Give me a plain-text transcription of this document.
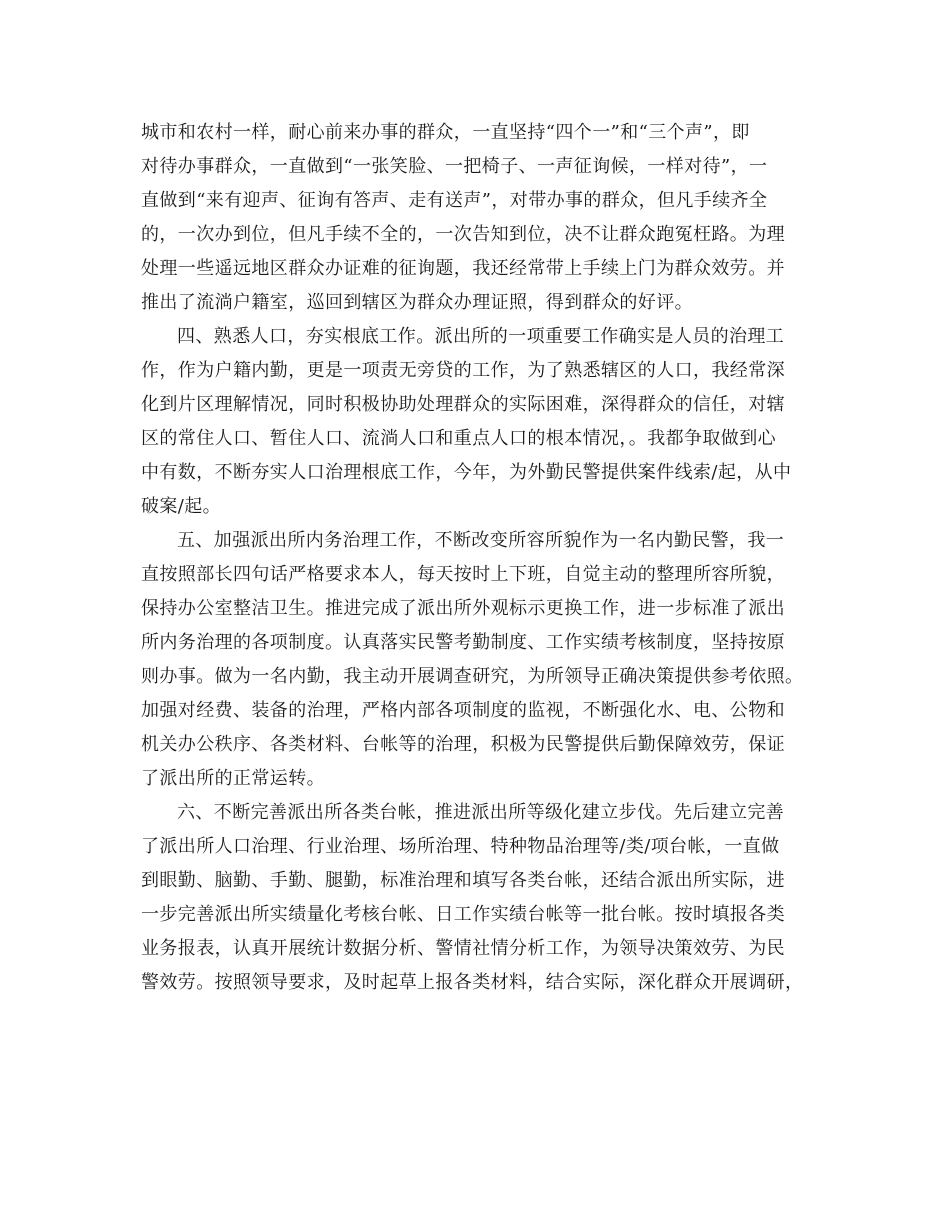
城市和农村一样，耐心前来办事的群众，一直坚持“四个一”和“三个声”，即
对待办事群众，一直做到“一张笑脸、一把椅子、一声征询候，一样对待”，一
直做到“来有迎声、征询有答声、走有送声”，对带办事的群众，但凡手续齐全
的，一次办到位，但凡手续不全的，一次告知到位，决不让群众跑冤枉路。为理
处理一些遥远地区群众办证难的征询题，我还经常带上手续上门为群众效劳。并
推出了流淌户籍室，巡回到辖区为群众办理证照，得到群众的好评。
四、熟悉人口，夯实根底工作。派出所的一项重要工作确实是人员的治理工
作，作为户籍内勤，更是一项责无旁贷的工作，为了熟悉辖区的人口，我经常深
化到片区理解情况，同时积极协助处理群众的实际困难，深得群众的信任，对辖
区的常住人口、暂住人口、流淌人口和重点人口的根本情况，。我都争取做到心
中有数，不断夯实人口治理根底工作，今年，为外勤民警提供案件线索/起，从中
破案/起。
五、加强派出所内务治理工作，不断改变所容所貌作为一名内勤民警，我一
直按照部长四句话严格要求本人，每天按时上下班，自觉主动的整理所容所貌，
保持办公室整洁卫生。推进完成了派出所外观标示更换工作，进一步标准了派出
所内务治理的各项制度。认真落实民警考勤制度、工作实绩考核制度，坚持按原
则办事。做为一名内勤，我主动开展调查研究，为所领导正确决策提供参考依照。
加强对经费、装备的治理，严格内部各项制度的监视，不断强化水、电、公物和
机关办公秩序、各类材料、台帐等的治理，积极为民警提供后勤保障效劳，保证
了派出所的正常运转。
六、不断完善派出所各类台帐，推进派出所等级化建立步伐。先后建立完善
了派出所人口治理、行业治理、场所治理、特种物品治理等/类/项台帐，一直做
到眼勤、脑勤、手勤、腿勤，标准治理和填写各类台帐，还结合派出所实际，进
一步完善派出所实绩量化考核台帐、日工作实绩台帐等一批台帐。按时填报各类
业务报表，认真开展统计数据分析、警情社情分析工作，为领导决策效劳、为民
警效劳。按照领导要求，及时起草上报各类材料，结合实际，深化群众开展调研，
